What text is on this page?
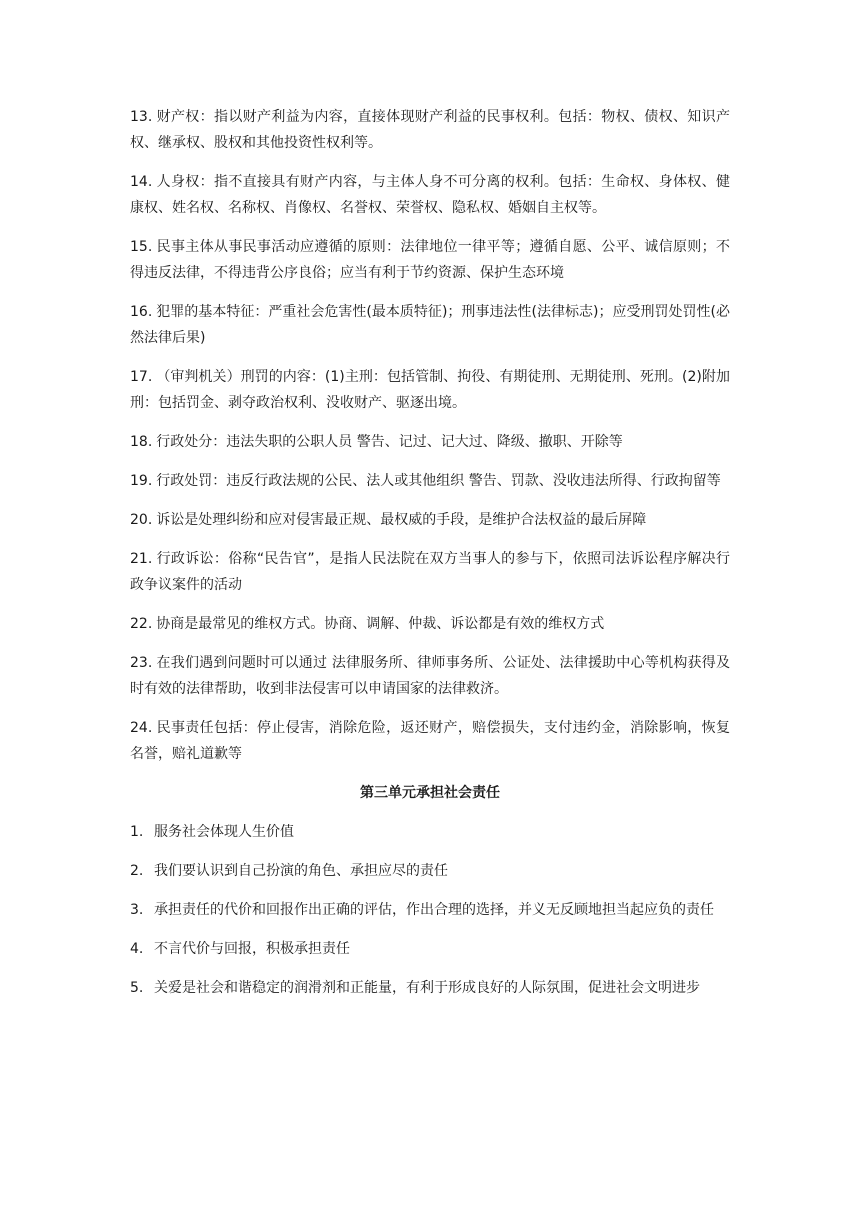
13. 财产权：指以财产利益为内容，直接体现财产利益的民事权利。包括：物权、债权、知识产权、继承权、股权和其他投资性权利等。

14. 人身权：指不直接具有财产内容，与主体人身不可分离的权利。包括：生命权、身体权、健康权、姓名权、名称权、肖像权、名誉权、荣誉权、隐私权、婚姻自主权等。

15. 民事主体从事民事活动应遵循的原则：法律地位一律平等；遵循自愿、公平、诚信原则；不得违反法律，不得违背公序良俗；应当有利于节约资源、保护生态环境

16. 犯罪的基本特征：严重社会危害性(最本质特征)；刑事违法性(法律标志)；应受刑罚处罚性(必然法律后果)

17. （审判机关）刑罚的内容：(1)主刑：包括管制、拘役、有期徒刑、无期徒刑、死刑。(2)附加刑：包括罚金、剥夺政治权利、没收财产、驱逐出境。

18. 行政处分：违法失职的公职人员 警告、记过、记大过、降级、撤职、开除等

19. 行政处罚：违反行政法规的公民、法人或其他组织 警告、罚款、没收违法所得、行政拘留等

20. 诉讼是处理纠纷和应对侵害最正规、最权威的手段，是维护合法权益的最后屏障

21. 行政诉讼：俗称“民告官”，是指人民法院在双方当事人的参与下，依照司法诉讼程序解决行政争议案件的活动

22. 协商是最常见的维权方式。协商、调解、仲裁、诉讼都是有效的维权方式

23. 在我们遇到问题时可以通过 法律服务所、律师事务所、公证处、法律援助中心等机构获得及时有效的法律帮助，收到非法侵害可以申请国家的法律救济。

24. 民事责任包括：停止侵害，消除危险，返还财产，赔偿损失，支付违约金，消除影响，恢复名誉，赔礼道歉等

第三单元承担社会责任

1. 服务社会体现人生价值

2. 我们要认识到自己扮演的角色、承担应尽的责任

3. 承担责任的代价和回报作出正确的评估，作出合理的选择，并义无反顾地担当起应负的责任

4. 不言代价与回报，积极承担责任

5. 关爱是社会和谐稳定的润滑剂和正能量，有利于形成良好的人际氛围，促进社会文明进步
